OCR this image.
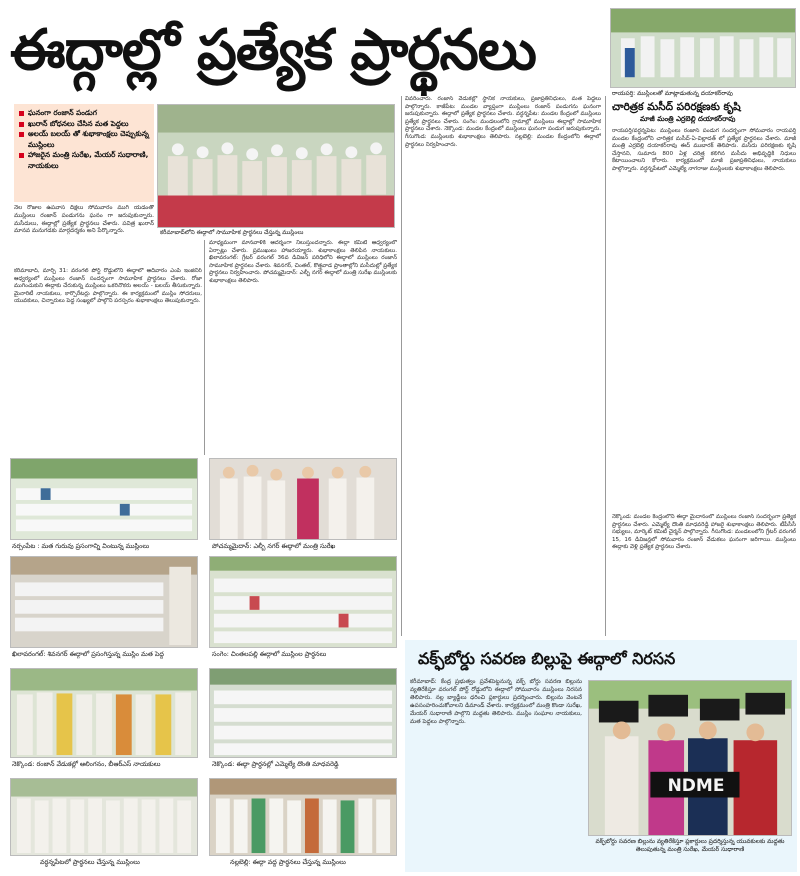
ఈద్గాల్లో ప్రత్యేక ప్రార్థనలు
ఘనంగా రంజాన్ పండుగ
ఖురాన్ బోధనలు చేసిన మత పెద్దలు
అలయ్ బలయ్ తో శుభాకాంక్షలు చెప్పుకున్న ముస్లింలు
హాజరైన మంత్రి సురేఖ, మేయర్ సుధారాణి, నాయకులు
కరీమాబాద్‌లోని ఈద్గాలో సామూహిక ప్రార్థనలు చేస్తున్న ముస్లింలు
నెల రోజుల ఉపవాస దీక్షలు సోమవారం ముగి యడంతో ముస్లింలు రంజాన్ పండుగను ఘనం గా జరుపుకున్నారు. మసీదులు, ఈద్గాల్లో ప్రత్యేక ప్రార్థనలు చేశారు. పవిత్ర ఖురాన్ మానవ మనుగడకు మార్గదర్శకం అని పేర్కొన్నారు.
కరీమాబాద్, మార్చి 31: వరంగల్ పోర్ట్ రోడ్డులోని ఈద్గాలో ఆదివారం ఎంపీ ఇంజినీర్ ఆధ్వర్యంలో ముస్లింలు రంజాన్ సందర్భంగా సామూహిక ప్రార్థనలు చేశారు. రోజా ముగించుకుని ఈద్గాకు చేరుకున్న ముస్లింలు ఒకరినొకరు అలయ్ - బలయ్ తీసుకున్నారు. మైనారిటీ నాయకులు, కార్పొరేటర్లు పాల్గొన్నారు. ఈ కార్యక్రమంలో ముస్లిం సోదరులు, యువకులు, చిన్నారులు పెద్ద సంఖ్యలో పాల్గొని పరస్పరం శుభాకాంక్షలు తెలుపుకున్నారు.
మాధ్యమంగా మానవాళికి ఆదర్శంగా నిలుస్తుందన్నారు. ఈద్గా కమిటీ ఆధ్వర్యంలో ఏర్పాట్లు చేశారు. ప్రముఖులు హాజరయ్యారు. శుభాకాంక్షలు తెలిపిన నాయకులు. ఖిలావరంగల్: గ్రేటర్ వరంగల్ 36వ డివిజన్ పరిధిలోని ఈద్గాలో ముస్లింలు రంజాన్ సామూహిక ప్రార్థనలు చేశారు. శివనగర్, చింతల్, కొత్తవాడ ప్రాంతాల్లోని మసీదుల్లో ప్రత్యేక ప్రార్థనలు నిర్వహించారు. పోచమ్మమైదాన్: ఎల్బీ నగర్ ఈద్గాలో మంత్రి సురేఖ ముస్లింలకు శుభాకాంక్షలు తెలిపారు.
వివరించారు. రంజాన్ వేడుకల్లో స్థానిక నాయకులు, ప్రజాప్రతినిధులు, మత పెద్దలు పాల్గొన్నారు. కాజీపేట: మండల వ్యాప్తంగా ముస్లింలు రంజాన్ పండుగను ఘనంగా జరుపుకున్నారు. ఈద్గాలో ప్రత్యేక ప్రార్థనలు చేశారు. వర్ధన్నపేట: మండల కేంద్రంలో ముస్లింలు ప్రత్యేక ప్రార్థనలు చేశారు. సంగెం: మండలంలోని గ్రామాల్లో ముస్లింలు ఈద్గాల్లో సామూహిక ప్రార్థనలు చేశారు. నెక్కొండ: మండల కేంద్రంలో ముస్లింలు ఘనంగా పండుగ జరుపుకున్నారు. గీసుగొండ: ముస్లింలకు శుభాకాంక్షలు తెలిపారు. నల్లబెల్లి: మండల కేంద్రంలోని ఈద్గాలో ప్రార్థనలు నిర్వహించారు.
రాయపర్తి: ముస్లింలతో మాట్లాడుతున్న దయాకర్‌రావు
చారిత్రక మసీద్ పరిరక్షణకు కృషి
మాజీ మంత్రి ఎర్రబెల్లి దయాకర్‌రావు
రాయపర్తి/వర్ధన్నపేట: ముస్లింలు రంజాన్ పండుగ సందర్భంగా సోమవారం రాయపర్తి మండల కేంద్రంలోని చారిత్రక మసీద్-ఏ-విల్లాదత్ లో ప్రత్యేక ప్రార్థనలు చేశారు. మాజీ మంత్రి ఎర్రబెల్లి దయాకర్‌రావు ఈద్ ముబారక్ తెలిపారు. మసీదు పరిరక్షణకు కృషి చేస్తానని, సుమారు 800 ఏళ్ల చరిత్ర కలిగిన మసీదు అభివృద్ధికి నిధులు కేటాయించాలని కోరారు. కార్యక్రమంలో మాజీ ప్రజాప్రతినిధులు, నాయకులు పాల్గొన్నారు. వర్ధన్నపేటలో ఎమ్మెల్యే నాగరాజు ముస్లింలకు శుభాకాంక్షలు తెలిపారు.
నెక్కొండ: మండల కేంద్రంలోని ఈద్గా మైదానంలో ముస్లింలు రంజాన్ సందర్భంగా ప్రత్యేక ప్రార్థనలు చేశారు. ఎమ్మెల్యే దొంతి మాధవరెడ్డి హాజరై శుభాకాంక్షలు తెలిపారు. టీపీసీసీ సభ్యులు, మార్కెట్ కమిటీ చైర్మన్ పాల్గొన్నారు. గీసుగొండ: మండలంలోని గ్రేటర్ వరంగల్ 15, 16 డివిజన్లలో సోమవారం రంజాన్ వేడుకలు ఘనంగా జరిగాయి. ముస్లింలు ఈద్గాకు వెళ్లి ప్రత్యేక ప్రార్థనలు చేశారు.
నర్సంపేట : మత గురువు ప్రసంగాన్ని వింటున్న ముస్లింలు	పోచమ్మమైదాన్: ఎల్బీ నగర్ ఈద్గాలో మంత్రి సురేఖ
ఖిలావరంగల్: శివనగర్ ఈద్గాలో ప్రసంగిస్తున్న ముస్లిం మత పెద్ద	సంగెం: చింతలపల్లి ఈద్గాలో ముస్లింల ప్రార్థనలు
నెక్కొండ: రంజాన్ వేడుకల్లో ఆలింగనం, బీఆర్ఎస్ నాయకులు	నెక్కొండ: ఈద్గా ప్రార్థనల్లో ఎమ్మెల్యే దొంతి మాధవరెడ్డి
వర్ధన్నపేటలో ప్రార్థనలు చేస్తున్న ముస్లింలు	నల్లబెల్లి: ఈద్గా వద్ద ప్రార్థనలు చేస్తున్న ముస్లింలు
వక్ఫ్‌బోర్డు సవరణ బిల్లుపై ఈద్గాలో నిరసన
కరీమాబాద్: కేంద్ర ప్రభుత్వం ప్రవేశపెట్టనున్న వక్ఫ్ బోర్డు సవరణ బిల్లును వ్యతిరేకిస్తూ వరంగల్ పోర్ట్ రోడ్డులోని ఈద్గాలో సోమవారం ముస్లింలు నిరసన తెలిపారు. నల్ల బ్యాడ్జీలు ధరించి ప్లకార్డులు ప్రదర్శించారు. బిల్లును వెంటనే ఉపసంహరించుకోవాలని డిమాండ్ చేశారు. కార్యక్రమంలో మంత్రి కొండా సురేఖ, మేయర్ సుధారాణి పాల్గొని మద్దతు తెలిపారు. ముస్లిం సంఘాల నాయకులు, మత పెద్దలు పాల్గొన్నారు.
NDME
వక్ఫ్‌బోర్డు సవరణ బిల్లును వ్యతిరేకిస్తూ ప్లకార్డులు ప్రదర్శిస్తున్న యువకులకు మద్దతు తెలుపుతున్న మంత్రి సురేఖ, మేయర్ సుధారాణి
